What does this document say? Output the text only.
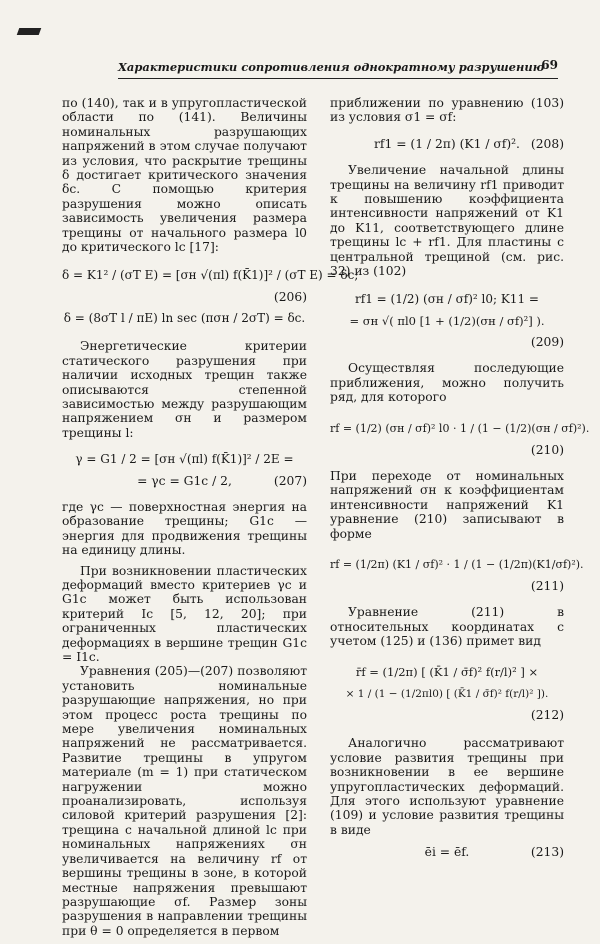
Характеристики сопротивления однократному разрушению
69

по (140), так и в упругопластической области по (141). Величины номинальных разрушающих напряжений в этом случае получают из условия, что раскрытие трещины δ достигает критического значения δc. С помощью критерия разрушения можно описать зависимость увеличения размера трещины от начального размера l0 до критического lc [17]:

δ = K1² / (σT E) = [σн √(πl) f(K̄1)]² / (σT E) = δc;
(206)
δ = (8σT l / πE) ln sec (πσн / 2σT) = δc.

Энергетические критерии статического разрушения при наличии исходных трещин также описываются степенной зависимостью между разрушающим напряжением σн и размером трещины l:

γ = G1 / 2 = [σн √(πl) f(K̄1)]² / 2E =
= γc = G1c / 2,	(207)

где γc — поверхностная энергия на образование трещины; G1c — энергия для продвижения трещины на единицу длины.

При возникновении пластических деформаций вместо критериев γc и G1c может быть использован критерий Ic [5, 12, 20]; при ограниченных пластических деформациях в вершине трещин G1c = I1c.

Уравнения (205)—(207) позволяют установить номинальные разрушающие напряжения, но при этом процесс роста трещины по мере увеличения номинальных напряжений не рассматривается. Развитие трещины в упругом материале (m = 1) при статическом нагружении можно проанализировать, используя силовой критерий разрушения [2]: трещина с начальной длиной lc при номинальных напряжениях σн увеличивается на величину rf от вершины трещины в зоне, в которой местные напряжения превышают разрушающие σf. Размер зоны разрушения в направлении трещины при θ = 0 определяется в первом

приближении по уравнению (103) из условия σ1 = σf:

rf1 = (1 / 2π) (K1 / σf)². (208)

Увеличение начальной длины трещины на величину rf1 приводит к повышению коэффициента интенсивности напряжений от K1 до K11, соответствующего длине трещины lc + rf1. Для пластины с центральной трещиной (см. рис. 32) из (102)

rf1 = (1/2) (σн / σf)² l0; K11 =
= σн √( πl0 [1 + (1/2)(σн / σf)²] ).
(209)

Осуществляя последующие приближения, можно получить ряд, для которого

rf = (1/2) (σн / σf)² l0 · 1 / (1 − (1/2)(σн / σf)²).
(210)

При переходе от номинальных напряжений σн к коэффициентам интенсивности напряжений K1 уравнение (210) записывают в форме

rf = (1/2π) (K1 / σf)² · 1 / (1 − (1/2π)(K1/σf)²).
(211)

Уравнение (211) в относительных координатах с учетом (125) и (136) примет вид

r̄f = (1/2π) [ (K̄1 / σ̄f)² f(r/l)² ] ×
× 1 / (1 − (1/2πl0) [ (K̄1 / σ̄f)² f(r/l)² ]).
(212)

Аналогично рассматривают условие развития трещины при возникновении в ее вершине упругопластических деформаций. Для этого используют уравнение (109) и условие развития трещины в виде

ēi = ēf.	(213)
